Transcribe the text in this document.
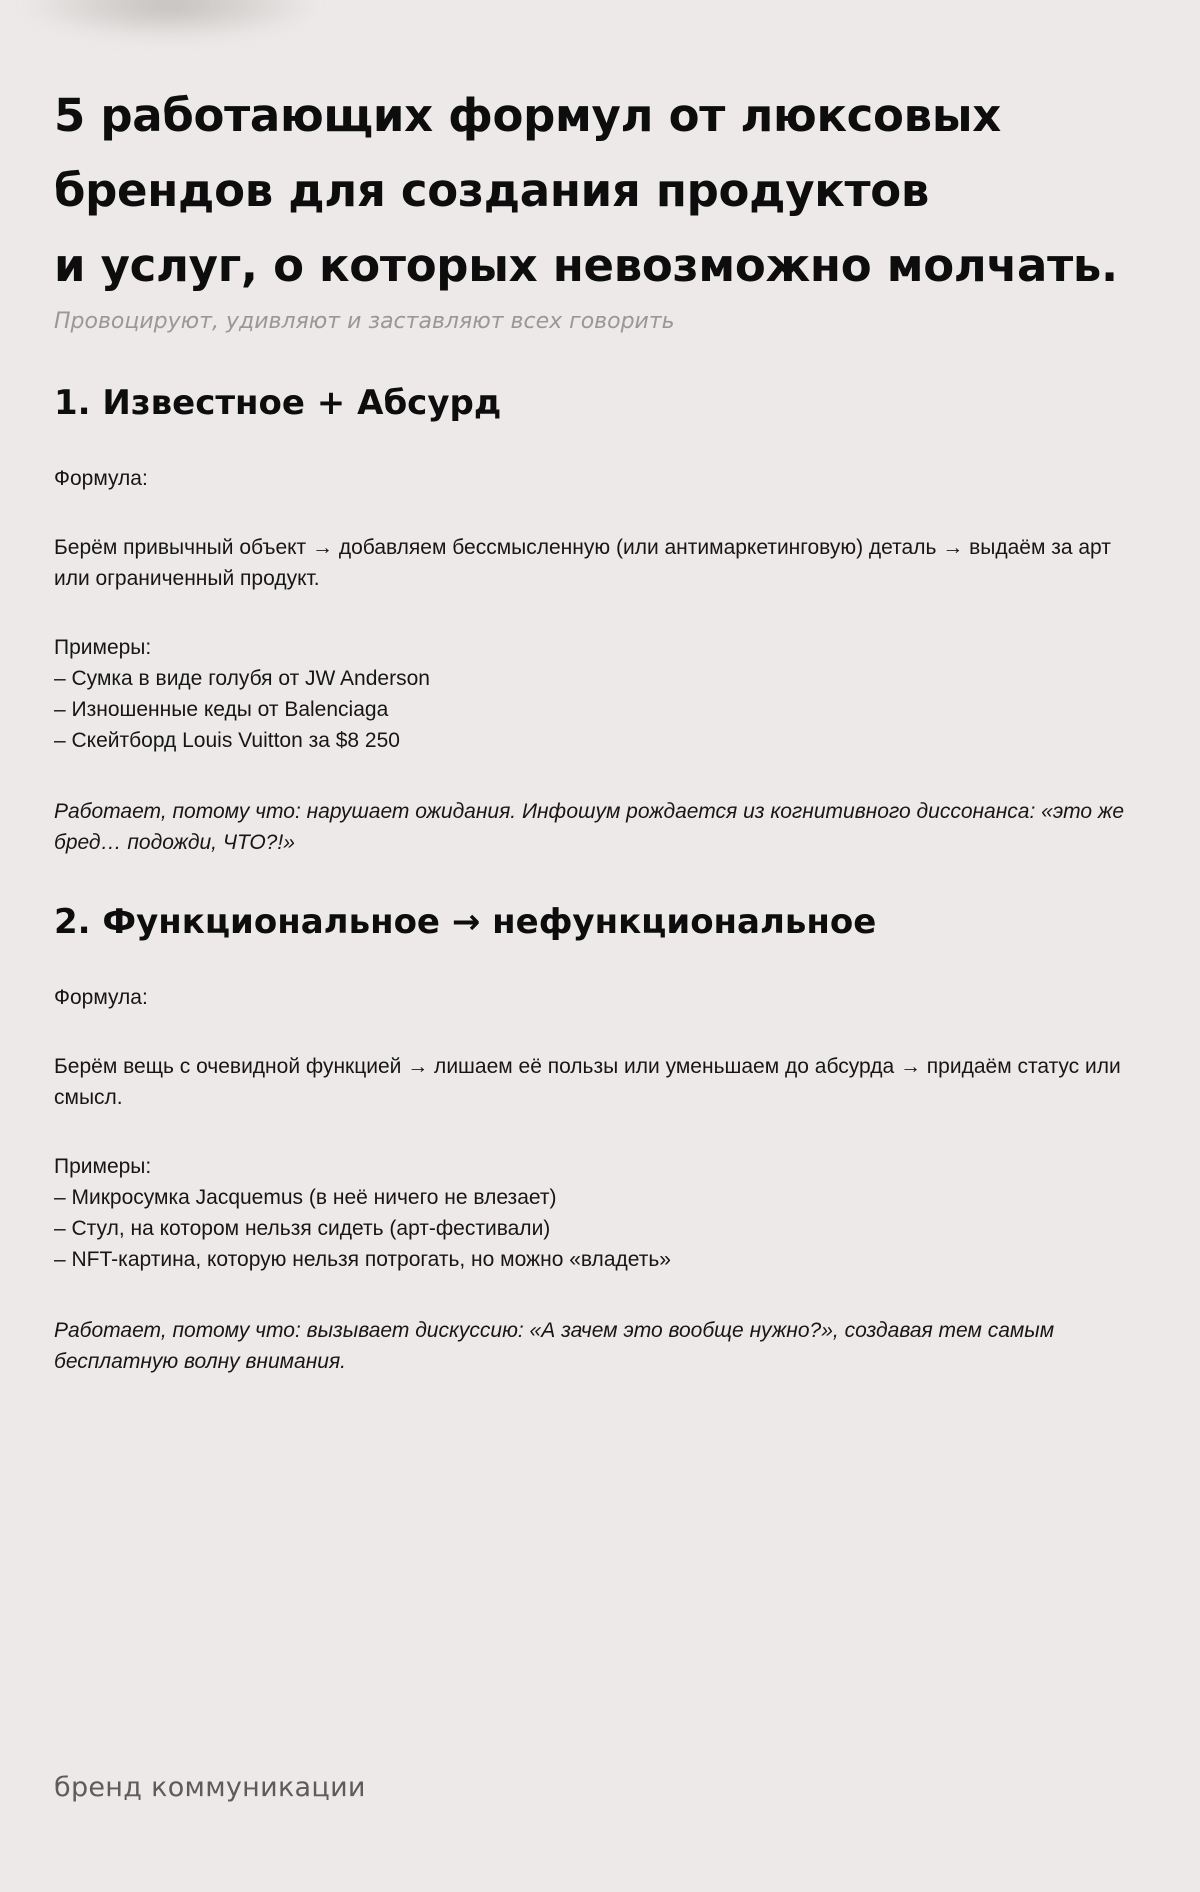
5 работающих формул от люксовых
брендов для создания продуктов
и услуг, о которых невозможно молчать.

Провоцируют, удивляют и заставляют всех говорить

1. Известное + Абсурд

Формула:

Берём привычный объект → добавляем бессмысленную (или антимаркетинговую) деталь → выдаём за арт или ограниченный продукт.

Примеры:

– Сумка в виде голубя от JW Anderson
– Изношенные кеды от Balenciaga
– Скейтборд Louis Vuitton за $8 250

Работает, потому что: нарушает ожидания. Инфошум рождается из когнитивного диссонанса: «это же бред… подожди, ЧТО?!»

2. Функциональное → нефункциональное

Формула:

Берём вещь с очевидной функцией → лишаем её пользы или уменьшаем до абсурда → придаём статус или смысл.

Примеры:

– Микросумка Jacquemus (в неё ничего не влезает)
– Стул, на котором нельзя сидеть (арт-фестивали)
– NFT-картина, которую нельзя потрогать, но можно «владеть»

Работает, потому что: вызывает дискуссию: «А зачем это вообще нужно?», создавая тем самым бесплатную волну внимания.

бренд коммуникации
